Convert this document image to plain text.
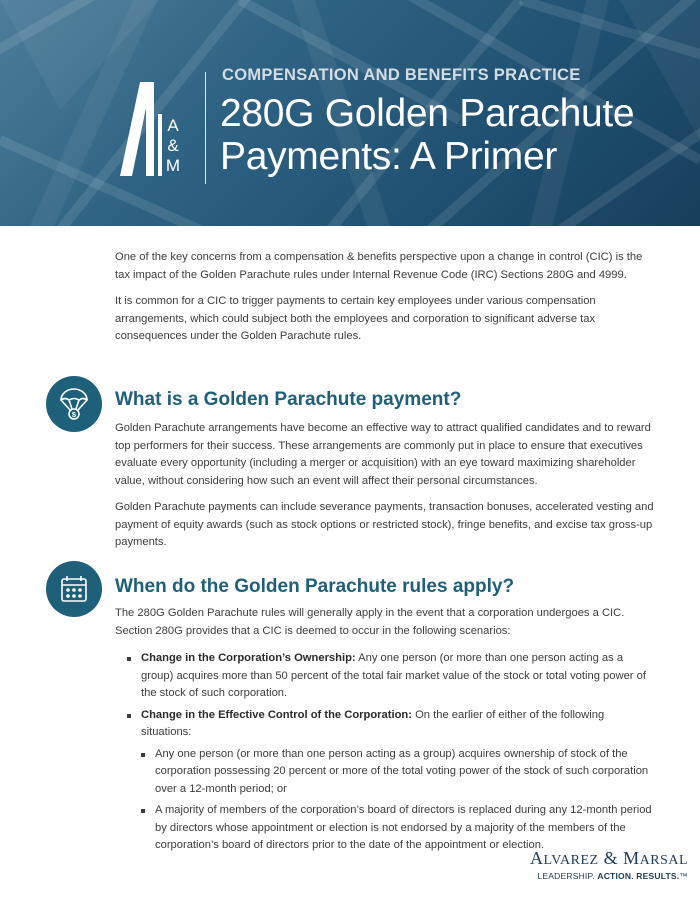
A
&
M
COMPENSATION AND BENEFITS PRACTICE
280G Golden Parachute
Payments: A Primer

One of the key concerns from a compensation & benefits perspective upon a change in control (CIC) is the tax impact of the Golden Parachute rules under Internal Revenue Code (IRC) Sections 280G and 4999.

It is common for a CIC to trigger payments to certain key employees under various compensation arrangements, which could subject both the employees and corporation to significant adverse tax consequences under the Golden Parachute rules.

$
What is a Golden Parachute payment?

Golden Parachute arrangements have become an effective way to attract qualified candidates and to reward top performers for their success. These arrangements are commonly put in place to ensure that executives evaluate every opportunity (including a merger or acquisition) with an eye toward maximizing shareholder value, without considering how such an event will affect their personal circumstances.

Golden Parachute payments can include severance payments, transaction bonuses, accelerated vesting and payment of equity awards (such as stock options or restricted stock), fringe benefits, and excise tax gross-up payments.

When do the Golden Parachute rules apply?

The 280G Golden Parachute rules will generally apply in the event that a corporation undergoes a CIC. Section 280G provides that a CIC is deemed to occur in the following scenarios:

Change in the Corporation’s Ownership: Any one person (or more than one person acting as a group) acquires more than 50 percent of the total fair market value of the stock or total voting power of the stock of such corporation.
Change in the Effective Control of the Corporation: On the earlier of either of the following situations:
Any one person (or more than one person acting as a group) acquires ownership of stock of the corporation possessing 20 percent or more of the total voting power of the stock of such corporation over a 12-month period; or
A majority of members of the corporation’s board of directors is replaced during any 12-month period by directors whose appointment or election is not endorsed by a majority of the members of the corporation’s board of directors prior to the date of the appointment or election.
ALVAREZ & MARSAL
LEADERSHIP. ACTION. RESULTS.™
